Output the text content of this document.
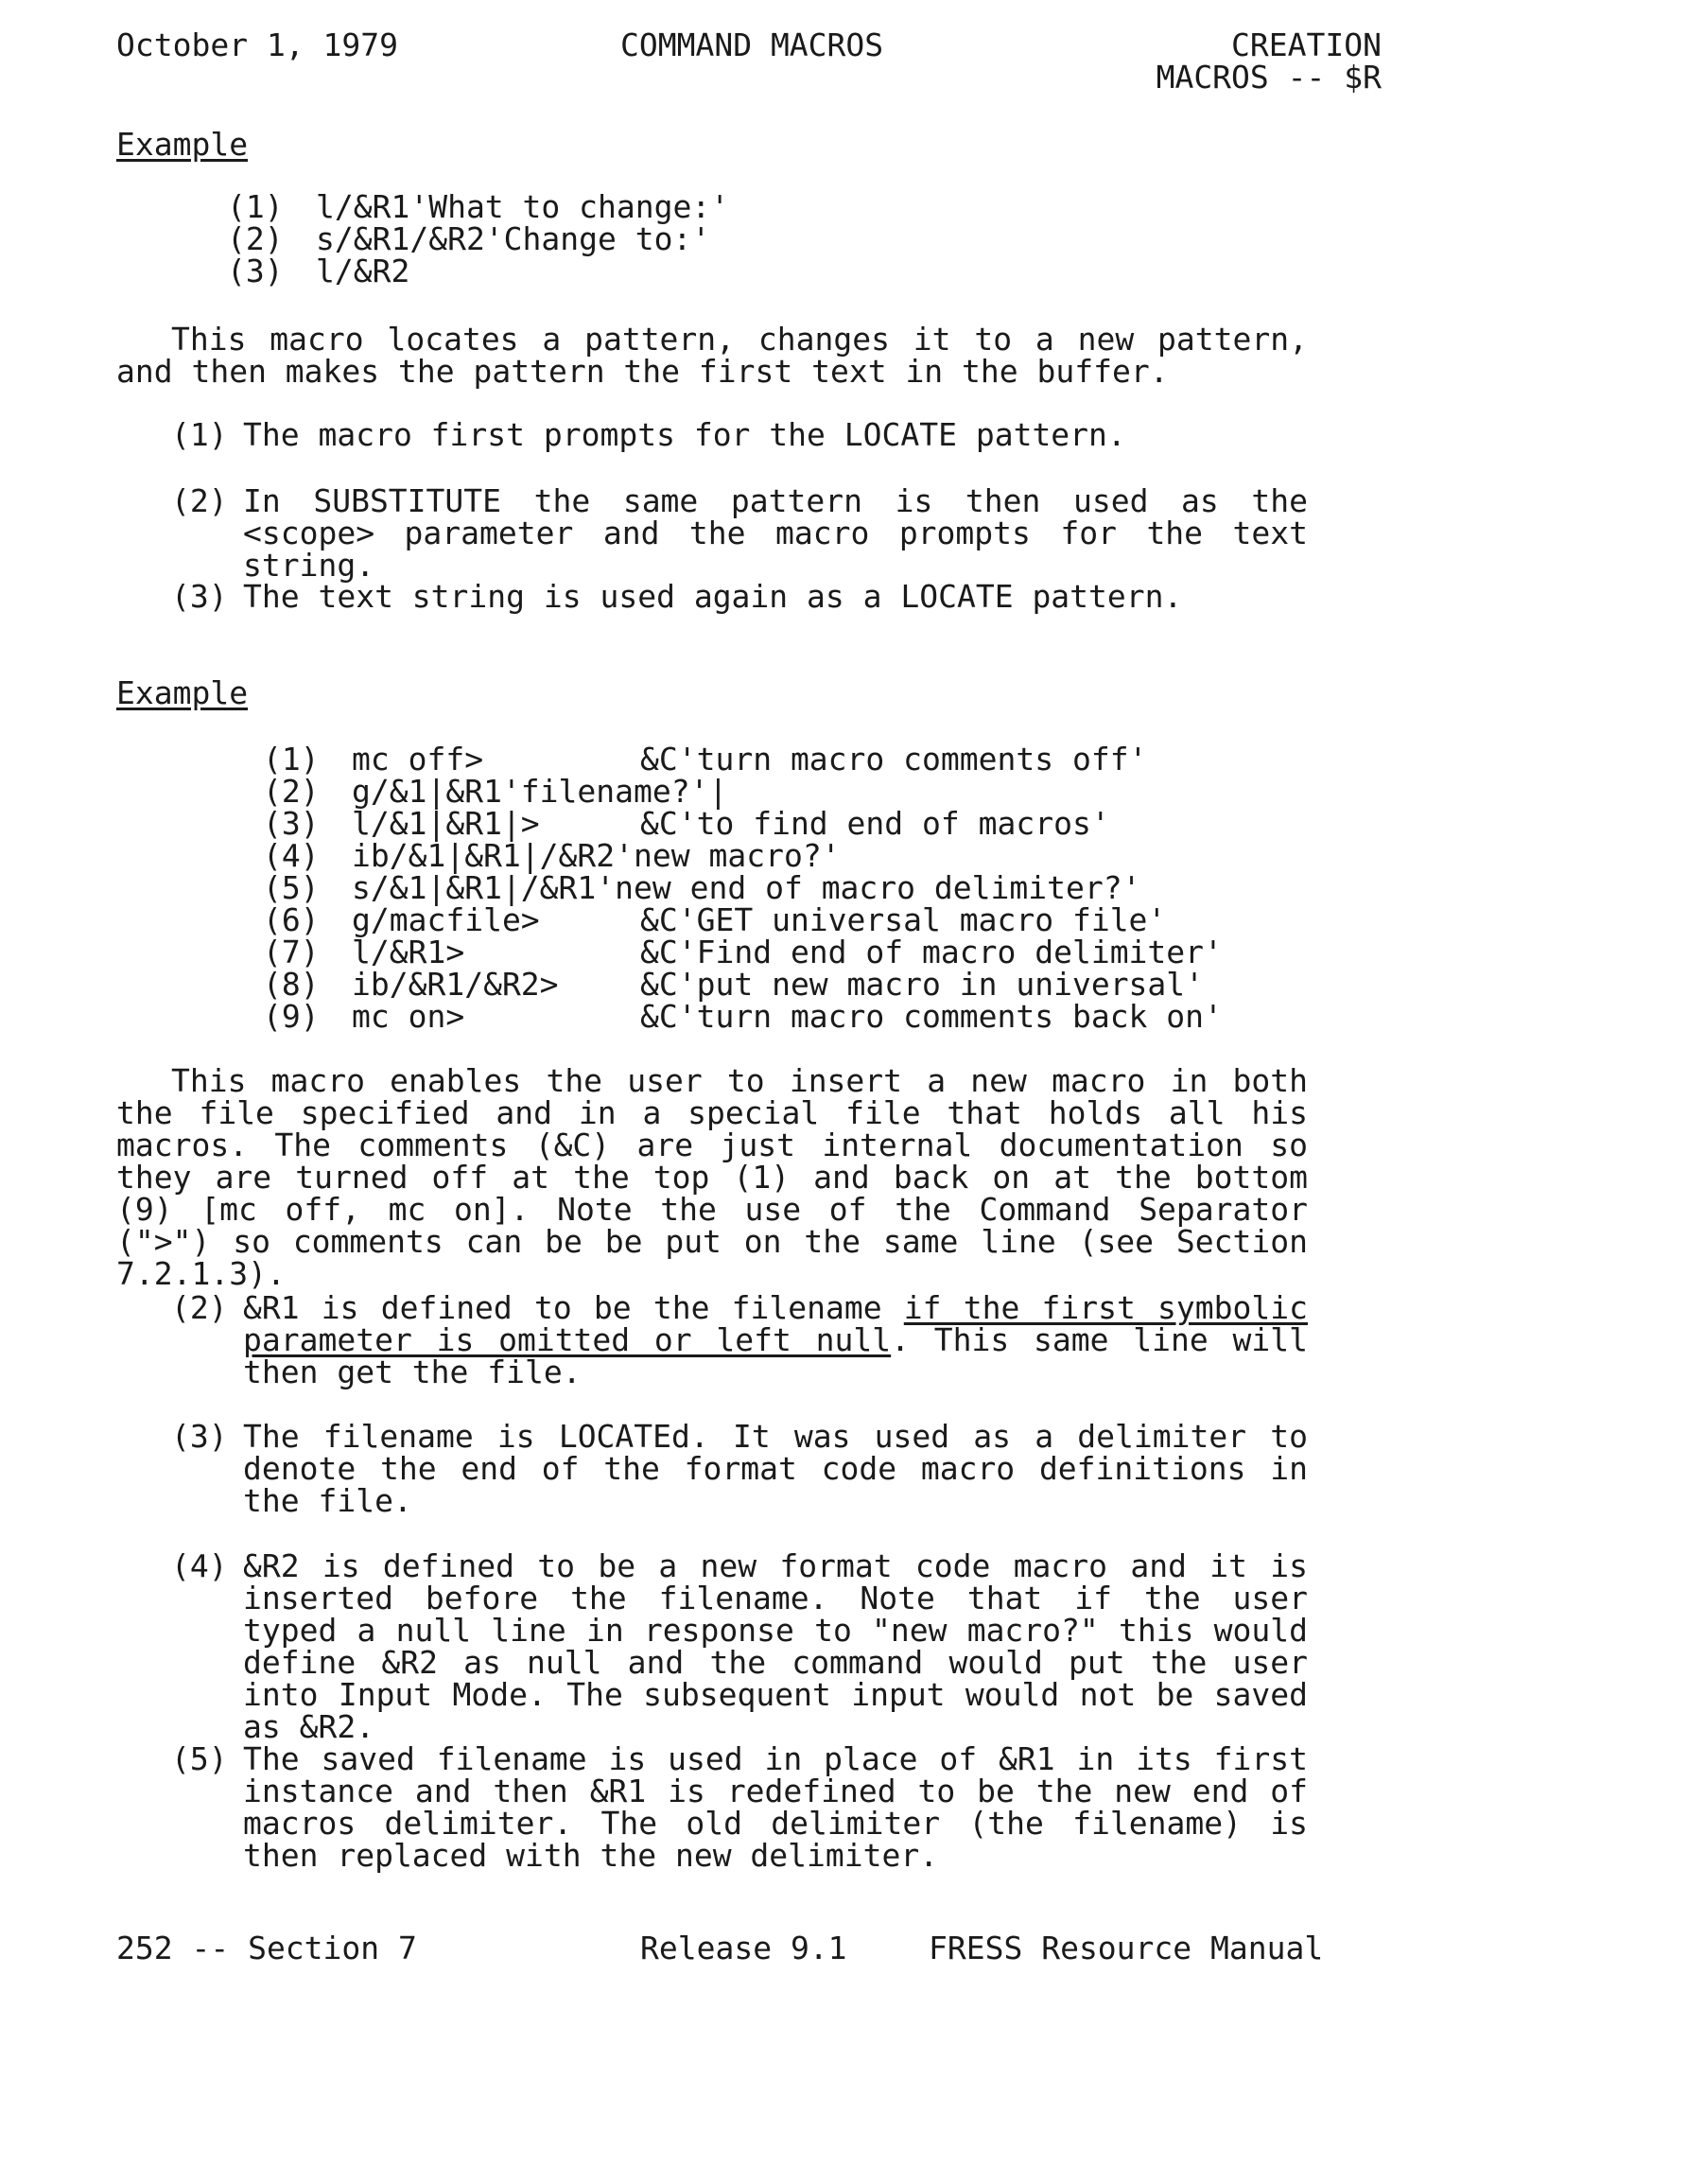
October 1, 1979	COMMAND MACROS	CREATION
MACROS -- $R
Example
(1) l/&R1'What to change:'
(2) s/&R1/&R2'Change to:'
(3) l/&R2
This macro locates a pattern, changes it to a new pattern, and then makes the pattern the first text in the buffer.
(1) The macro first prompts for the LOCATE pattern.
(2) In SUBSTITUTE the same pattern is then used as the <scope> parameter and the macro prompts for the text string.
(3) The text string is used again as a LOCATE pattern.
Example
(1) mc off>	&C'turn macro comments off'
(2) g/&1|&R1'filename?'|
(3) l/&1|&R1|>	&C'to find end of macros'
(4) ib/&1|&R1|/&R2'new macro?'
(5) s/&1|&R1|/&R1'new end of macro delimiter?'
(6) g/macfile>	&C'GET universal macro file'
(7) l/&R1>	&C'Find end of macro delimiter'
(8) ib/&R1/&R2>	&C'put new macro in universal'
(9) mc on>	&C'turn macro comments back on'
This macro enables the user to insert a new macro in both the file specified and in a special file that holds all his macros. The comments (&C) are just internal documentation so they are turned off at the top (1) and back on at the bottom (9) [mc off, mc on]. Note the use of the Command Separator (">") so comments can be be put on the same line (see Section 7.2.1.3).
(2) &R1 is defined to be the filename if the first symbolic parameter is omitted or left null. This same line will then get the file.
(3) The filename is LOCATEd. It was used as a delimiter to denote the end of the format code macro definitions in the file.
(4) &R2 is defined to be a new format code macro and it is inserted before the filename. Note that if the user typed a null line in response to "new macro?" this would define &R2 as null and the command would put the user into Input Mode. The subsequent input would not be saved as &R2.
(5) The saved filename is used in place of &R1 in its first instance and then &R1 is redefined to be the new end of macros delimiter. The old delimiter (the filename) is then replaced with the new delimiter.
252 -- Section 7	Release 9.1	FRESS Resource Manual
